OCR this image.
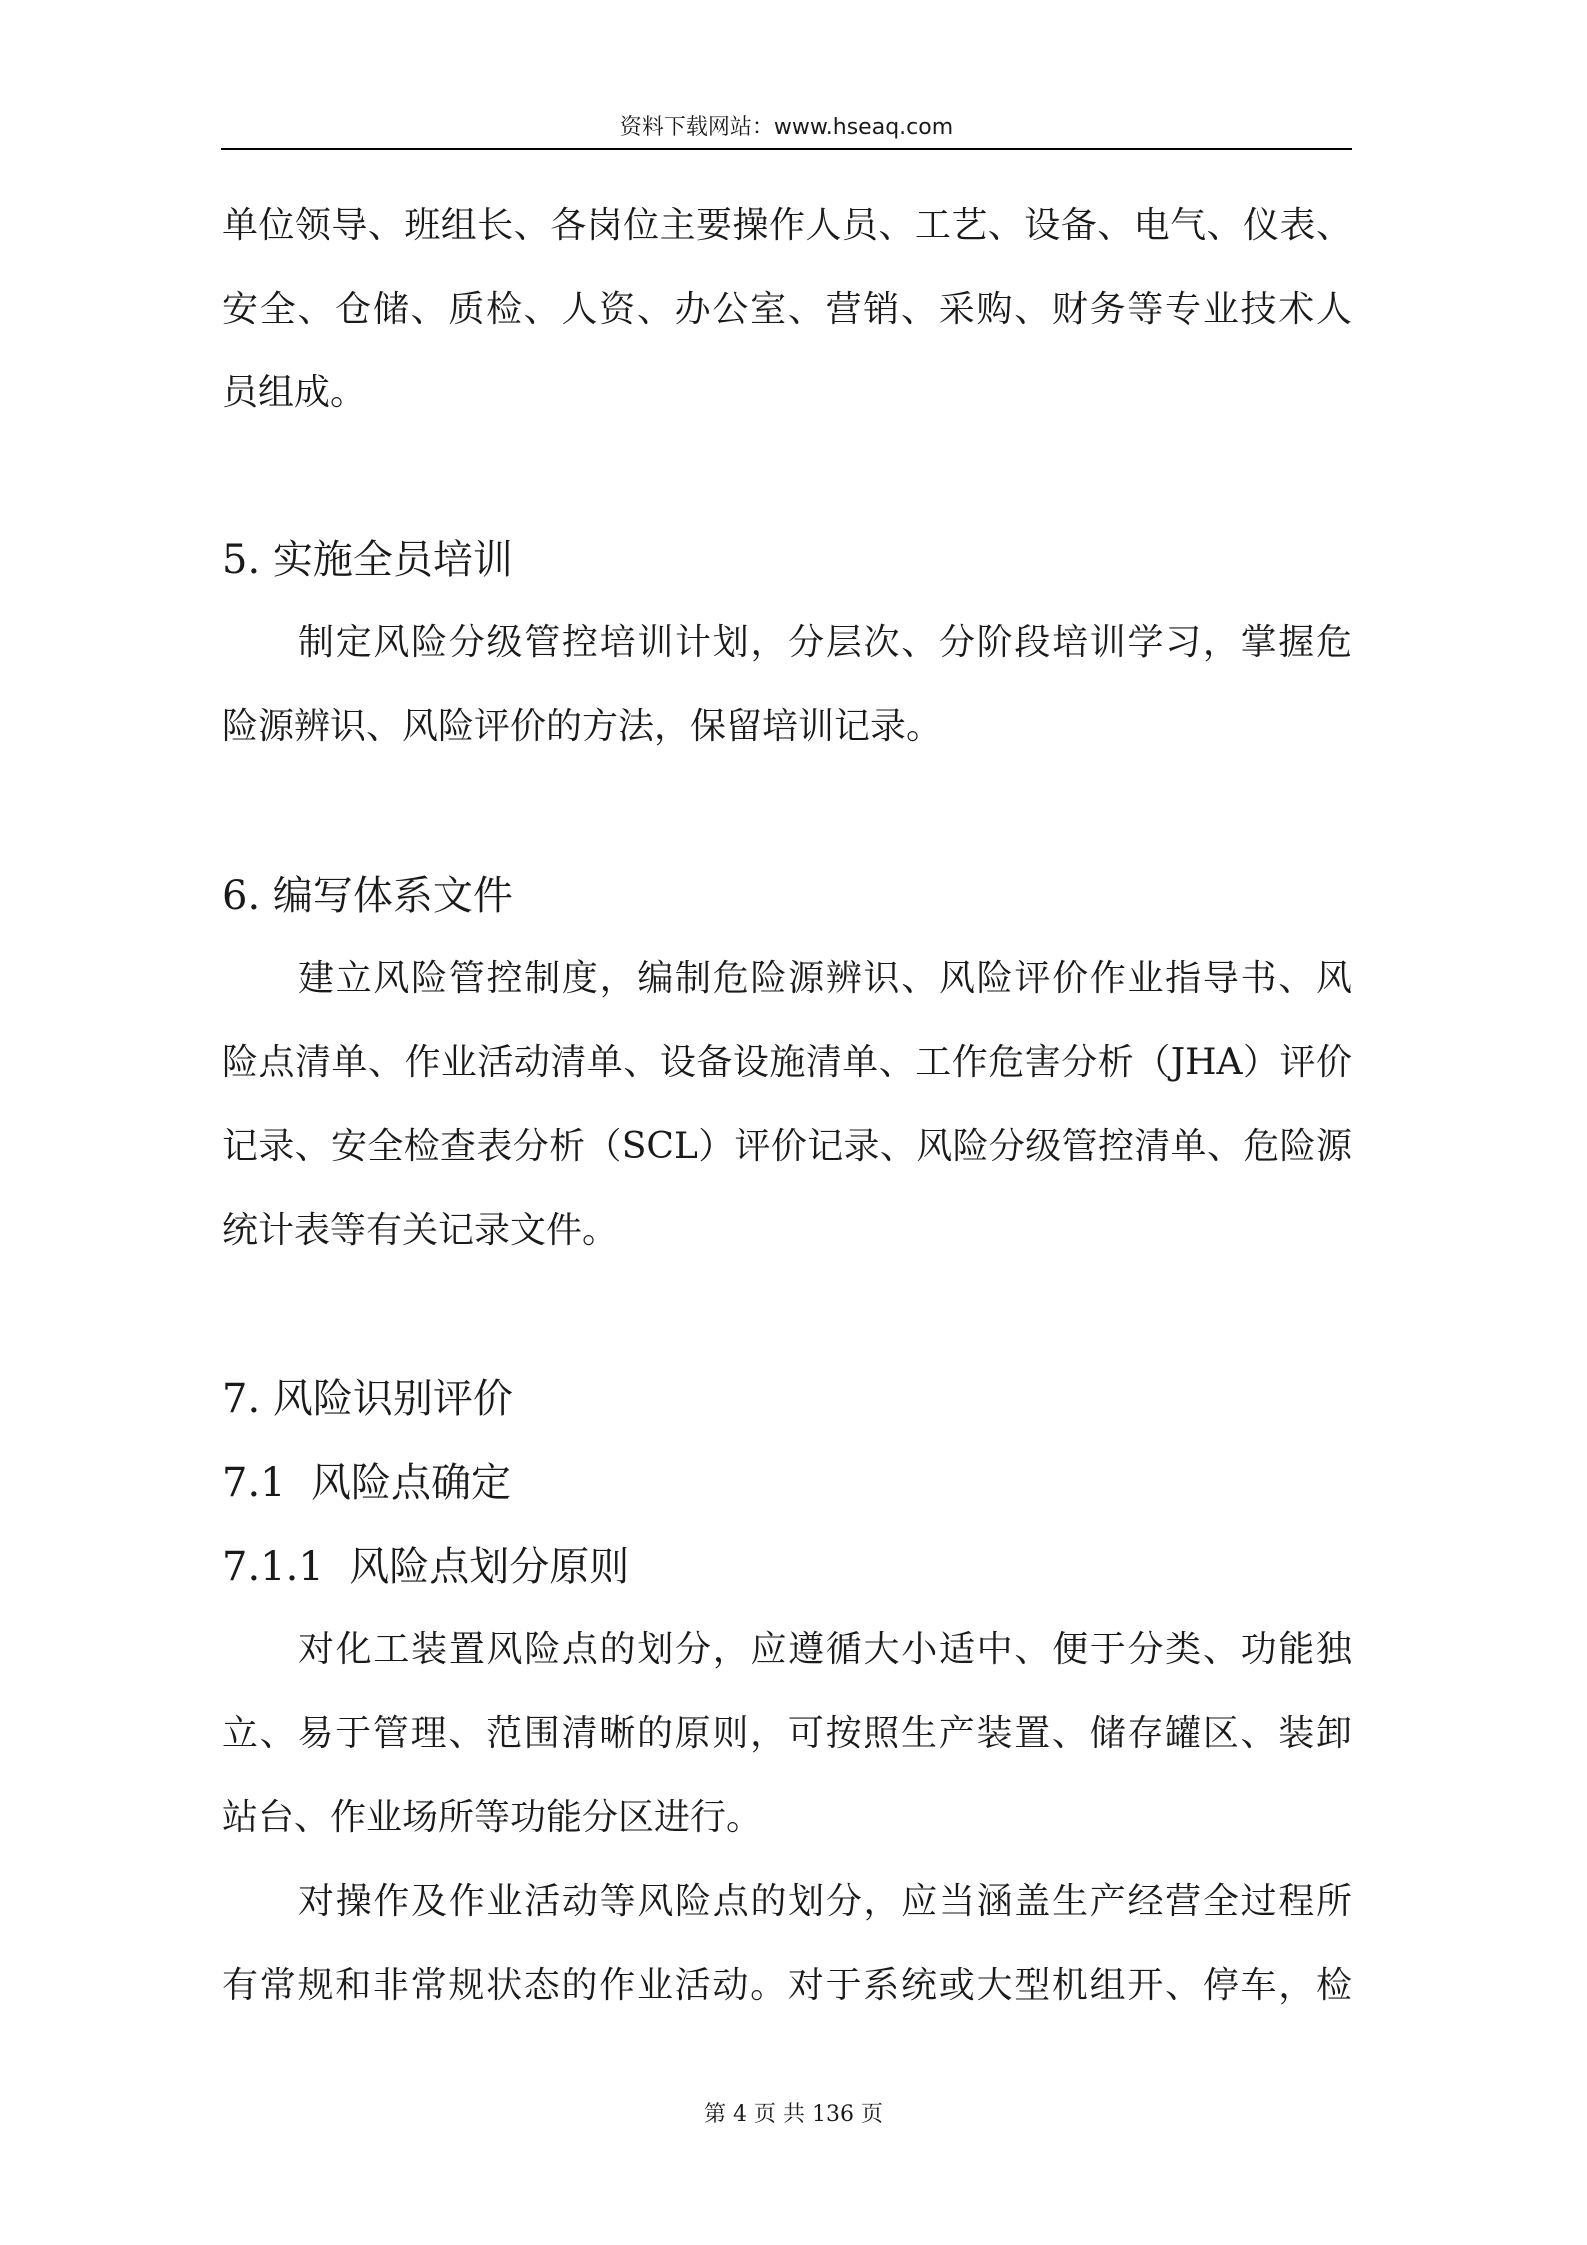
资料下载网站：www.hseaq.com
单位领导、班组长、各岗位主要操作人员、工艺、设备、电气、仪表、
安全、仓储、质检、人资、办公室、营销、采购、财务等专业技术人
员组成。
5. 实施全员培训
制定风险分级管控培训计划，分层次、分阶段培训学习，掌握危
险源辨识、风险评价的方法，保留培训记录。
6. 编写体系文件
建立风险管控制度，编制危险源辨识、风险评价作业指导书、风
险点清单、作业活动清单、设备设施清单、工作危害分析（JHA）评价
记录、安全检查表分析（SCL）评价记录、风险分级管控清单、危险源
统计表等有关记录文件。
7. 风险识别评价
7.1  风险点确定
7.1.1  风险点划分原则
对化工装置风险点的划分，应遵循大小适中、便于分类、功能独
立、易于管理、范围清晰的原则，可按照生产装置、储存罐区、装卸
站台、作业场所等功能分区进行。
对操作及作业活动等风险点的划分，应当涵盖生产经营全过程所
有常规和非常规状态的作业活动。对于系统或大型机组开、停车，检
第 4 页 共 136 页
